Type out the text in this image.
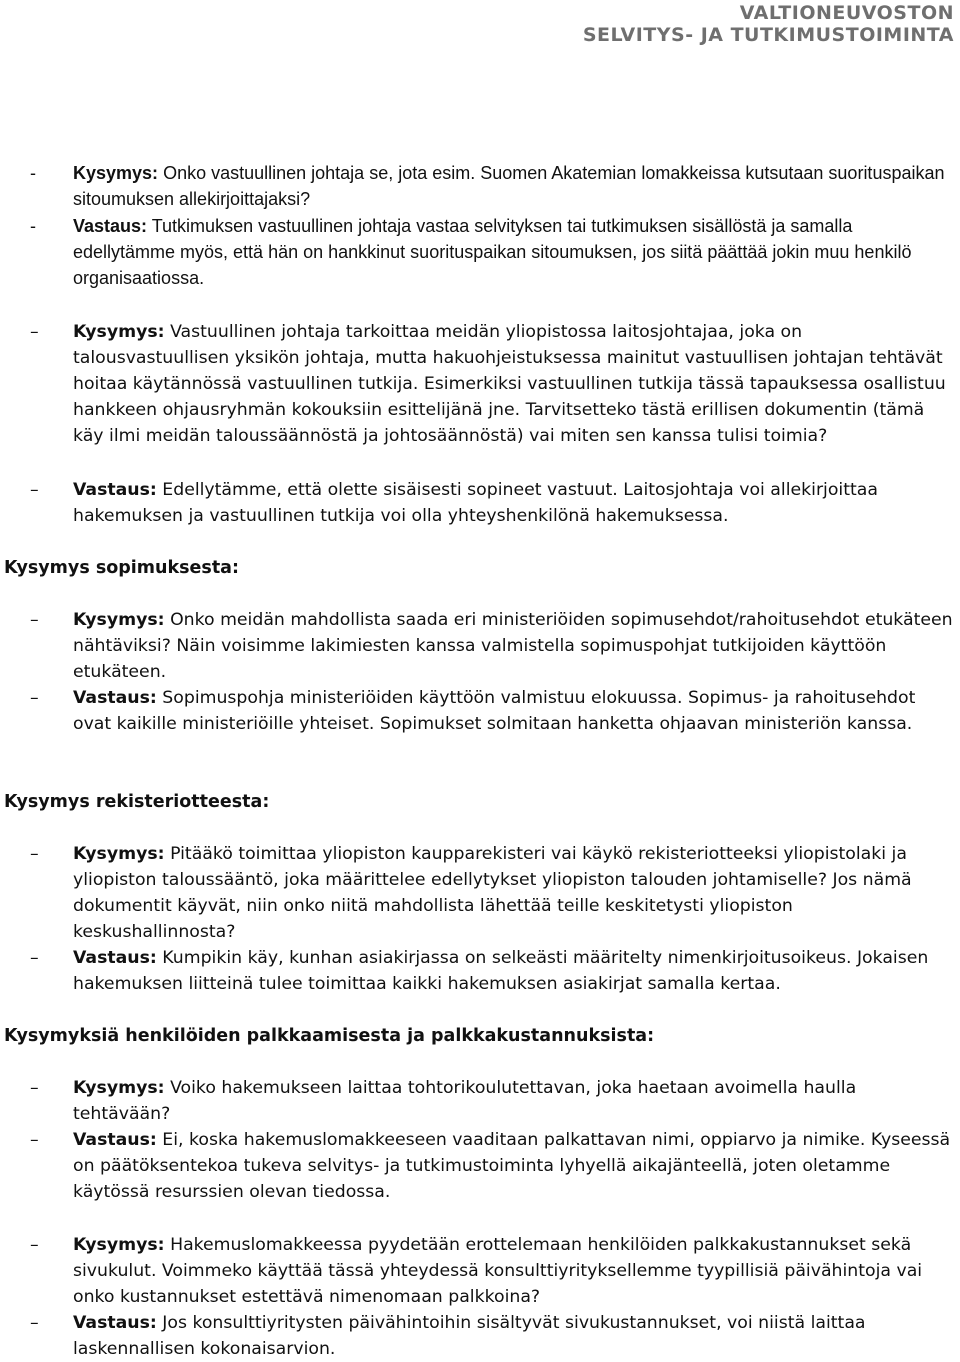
VALTIONEUVOSTON
SELVITYS- JA TUTKIMUSTOIMINTA
- Kysymys: Onko vastuullinen johtaja se, jota esim. Suomen Akatemian lomakkeissa kutsutaan suorituspaikan sitoumuksen allekirjoittajaksi?
- Vastaus: Tutkimuksen vastuullinen johtaja vastaa selvityksen tai tutkimuksen sisällöstä ja samalla edellytämme myös, että hän on hankkinut suorituspaikan sitoumuksen, jos siitä päättää jokin muu henkilö organisaatiossa.
– Kysymys: Vastuullinen johtaja tarkoittaa meidän yliopistossa laitosjohtajaa, joka on talousvastuullisen yksikön johtaja, mutta hakuohjeistuksessa mainitut vastuullisen johtajan tehtävät hoitaa käytännössä vastuullinen tutkija. Esimerkiksi vastuullinen tutkija tässä tapauksessa osallistuu hankkeen ohjausryhmän kokouksiin esittelijänä jne. Tarvitsetteko tästä erillisen dokumentin (tämä käy ilmi meidän taloussäännöstä ja johtosäännöstä) vai miten sen kanssa tulisi toimia?
– Vastaus: Edellytämme, että olette sisäisesti sopineet vastuut. Laitosjohtaja voi allekirjoittaa hakemuksen ja vastuullinen tutkija voi olla yhteyshenkilönä hakemuksessa.
Kysymys sopimuksesta:
– Kysymys: Onko meidän mahdollista saada eri ministeriöiden sopimusehdot/rahoitusehdot etukäteen nähtäviksi? Näin voisimme lakimiesten kanssa valmistella sopimuspohjat tutkijoiden käyttöön etukäteen.
– Vastaus: Sopimuspohja ministeriöiden käyttöön valmistuu elokuussa. Sopimus- ja rahoitusehdot ovat kaikille ministeriöille yhteiset. Sopimukset solmitaan hanketta ohjaavan ministeriön kanssa.
Kysymys rekisteriotteesta:
– Kysymys: Pitääkö toimittaa yliopiston kaupparekisteri vai käykö rekisteriotteeksi yliopistolaki ja yliopiston taloussääntö, joka määrittelee edellytykset yliopiston talouden johtamiselle? Jos nämä dokumentit käyvät, niin onko niitä mahdollista lähettää teille keskitetysti yliopiston keskushallinnosta?
– Vastaus: Kumpikin käy, kunhan asiakirjassa on selkeästi määritelty nimenkirjoitusoikeus. Jokaisen hakemuksen liitteinä tulee toimittaa kaikki hakemuksen asiakirjat samalla kertaa.
Kysymyksiä henkilöiden palkkaamisesta ja palkkakustannuksista:
– Kysymys: Voiko hakemukseen laittaa tohtorikoulutettavan, joka haetaan avoimella haulla tehtävään?
– Vastaus: Ei, koska hakemuslomakkeeseen vaaditaan palkattavan nimi, oppiarvo ja nimike. Kyseessä on päätöksentekoa tukeva selvitys- ja tutkimustoiminta lyhyellä aikajänteellä, joten oletamme käytössä resurssien olevan tiedossa.
– Kysymys: Hakemuslomakkeessa pyydetään erottelemaan henkilöiden palkkakustannukset sekä sivukulut. Voimmeko käyttää tässä yhteydessä konsulttiyrityksellemme tyypillisiä päivähintoja vai onko kustannukset estettävä nimenomaan palkkoina?
– Vastaus: Jos konsulttiyritysten päivähintoihin sisältyvät sivukustannukset, voi niistä laittaa laskennallisen kokonaisarvion.
